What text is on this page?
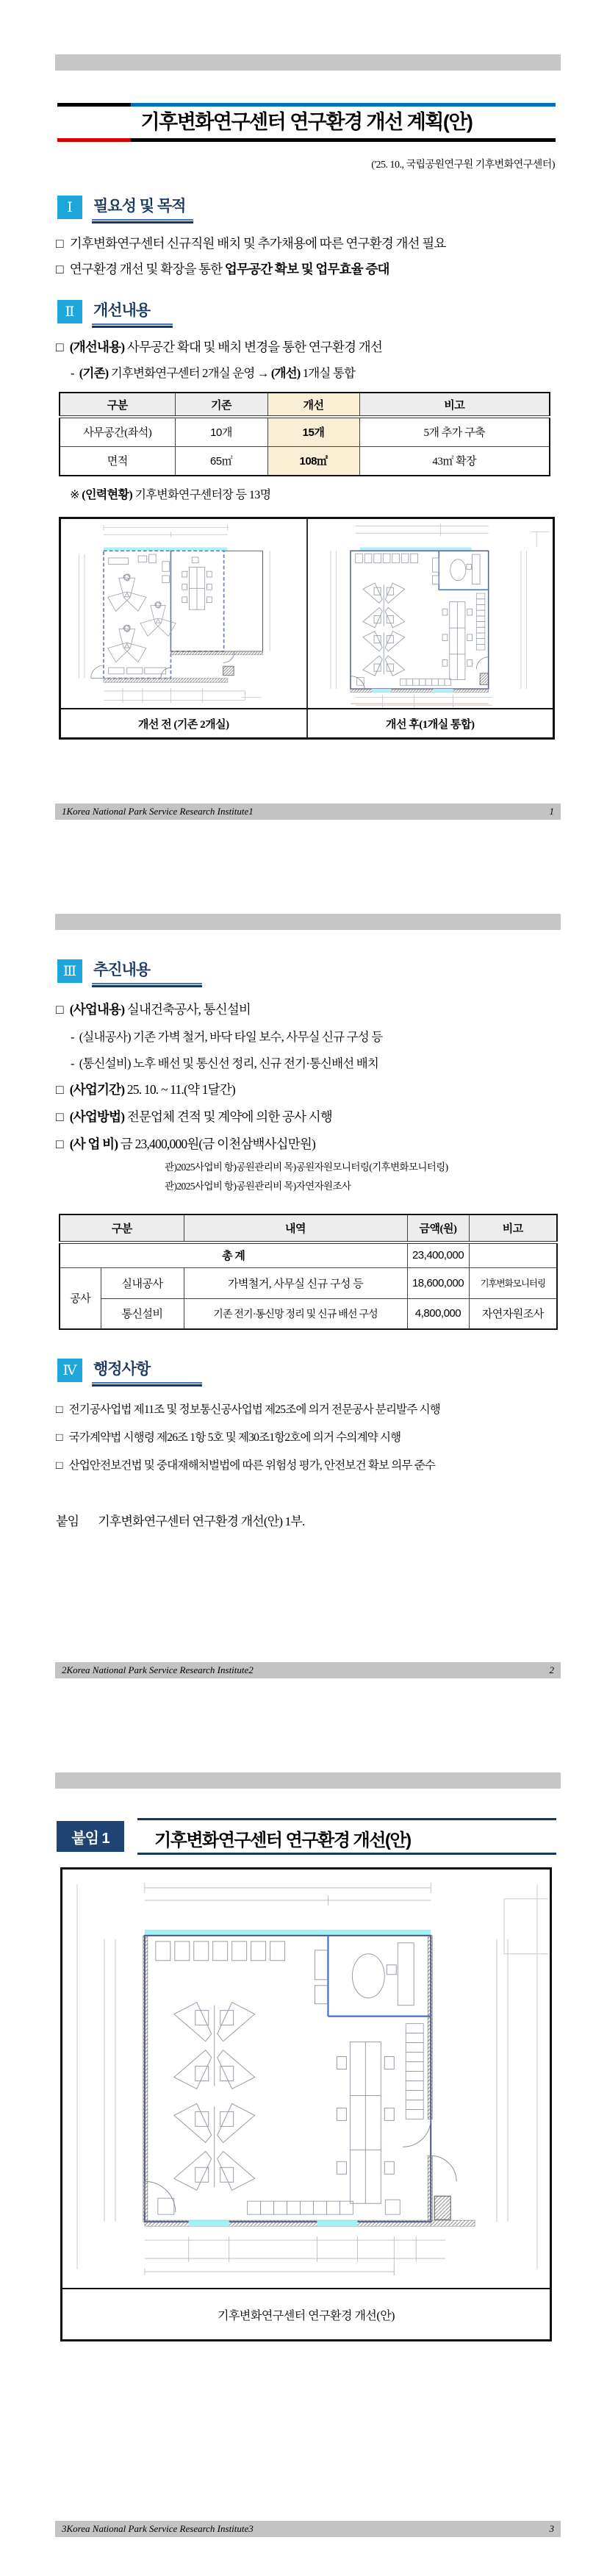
기후변화연구센터 연구환경 개선 계획(안)
('25. 10., 국립공원연구원 기후변화연구센터)
Ⅰ	필요성 및 목적
□ 기후변화연구센터 신규직원 배치 및 추가채용에 따른 연구환경 개선 필요
□ 연구환경 개선 및 확장을 통한 업무공간 확보 및 업무효율 증대
Ⅱ	개선내용
□ (개선내용) 사무공간 확대 및 배치 변경을 통한 연구환경 개선
- (기존) 기후변화연구센터 2개실 운영 → (개선) 1개실 통합
구분	기존	개선	비고
사무공간(좌석)	10개	15개	5개 추가 구축
면적	65㎡	108㎡	43㎡ 확장
※ (인력현황) 기후변화연구센터장 등 13명
개선 전 (기존 2개실)	개선 후(1개실 통합)
1Korea National Park Service Research Institute1	1
Ⅲ	추진내용
□ (사업내용) 실내건축공사, 통신설비
- (실내공사) 기존 가벽 철거, 바닥 타일 보수, 사무실 신규 구성 등
- (통신설비) 노후 배선 및 통신선 정리, 신규 전기·통신배선 배치
□ (사업기간) 25. 10. ~ 11.(약 1달간)
□ (사업방법) 전문업체 견적 및 계약에 의한 공사 시행
□ (사 업 비) 금 23,400,000원(금 이천삼백사십만원)
관)2025사업비 항)공원관리비 목)공원자원모니터링(기후변화모니터링)
관)2025사업비 항)공원관리비 목)자연자원조사
구분		내역	금액(원)	비고
총 계			23,400,000	
공사	실내공사	가벽철거, 사무실 신규 구성 등	18,600,000	기후변화모니터링
	통신설비	기존 전기·통신망 정리 및 신규 배선 구성	4,800,000	자연자원조사
Ⅳ	행정사항
□ 전기공사업법 제11조 및 정보통신공사업법 제25조에 의거 전문공사 분리발주 시행
□ 국가계약법 시행령 제26조 1항 5호 및 제30조1항2호에 의거 수의계약 시행
□ 산업안전보건법 및 중대재해처벌법에 따른 위험성 평가, 안전보건 확보 의무 준수
붙임 기후변화연구센터 연구환경 개선(안) 1부.
2Korea National Park Service Research Institute2	2
붙임 1	기후변화연구센터 연구환경 개선(안)
기후변화연구센터 연구환경 개선(안)
3Korea National Park Service Research Institute3	3
